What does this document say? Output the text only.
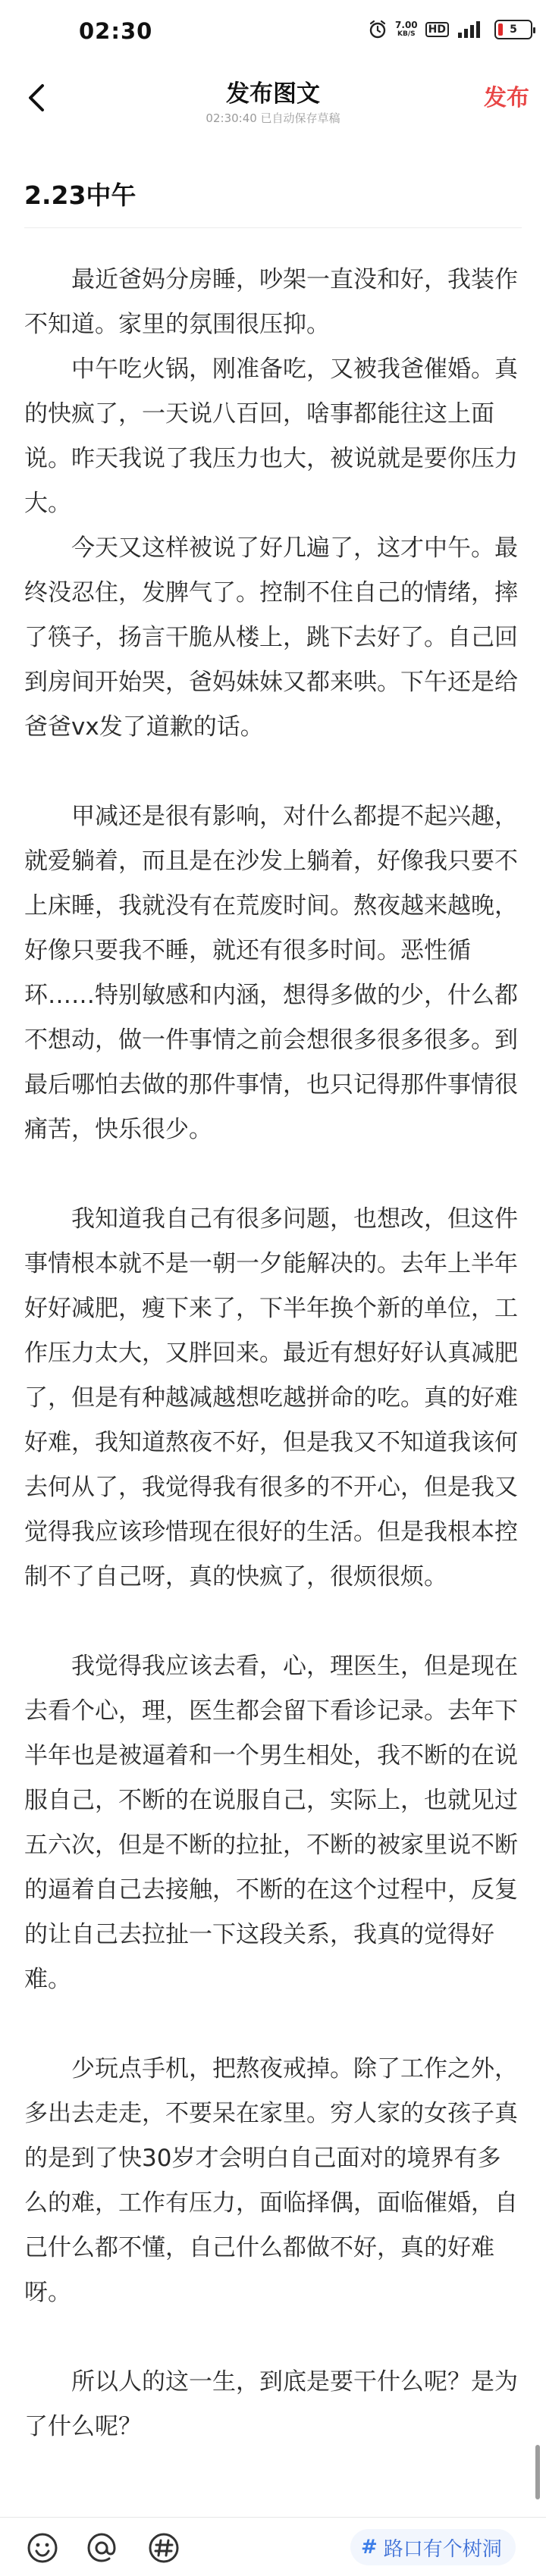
02:30	7.00
KB/S HD	5
发布图文
02:30:40 已自动保存草稿
发布
2.23中午

最近爸妈分房睡，吵架一直没和好，我装作不知道。家里的氛围很压抑。

中午吃火锅，刚准备吃，又被我爸催婚。真的快疯了，一天说八百回，啥事都能往这上面说。昨天我说了我压力也大，被说就是要你压力大。

今天又这样被说了好几遍了，这才中午。最终没忍住，发脾气了。控制不住自己的情绪，摔了筷子，扬言干脆从楼上，跳下去好了。自己回到房间开始哭，爸妈妹妹又都来哄。下午还是给爸爸vx发了道歉的话。

甲减还是很有影响，对什么都提不起兴趣，就爱躺着，而且是在沙发上躺着，好像我只要不上床睡，我就没有在荒废时间。熬夜越来越晚，好像只要我不睡，就还有很多时间。恶性循环……特别敏感和内涵，想得多做的少，什么都不想动，做一件事情之前会想很多很多很多。到最后哪怕去做的那件事情，也只记得那件事情很痛苦，快乐很少。

我知道我自己有很多问题，也想改，但这件事情根本就不是一朝一夕能解决的。去年上半年好好减肥，瘦下来了，下半年换个新的单位，工作压力太大，又胖回来。最近有想好好认真减肥了，但是有种越减越想吃越拼命的吃。真的好难好难，我知道熬夜不好，但是我又不知道我该何去何从了，我觉得我有很多的不开心，但是我又觉得我应该珍惜现在很好的生活。但是我根本控制不了自己呀，真的快疯了，很烦很烦。

我觉得我应该去看，心，理医生，但是现在去看个心，理，医生都会留下看诊记录。去年下半年也是被逼着和一个男生相处，我不断的在说服自己，不断的在说服自己，实际上，也就见过五六次，但是不断的拉扯，不断的被家里说不断的逼着自己去接触，不断的在这个过程中，反复的让自己去拉扯一下这段关系，我真的觉得好难。

少玩点手机，把熬夜戒掉。除了工作之外，多出去走走，不要呆在家里。穷人家的女孩子真的是到了快30岁才会明白自己面对的境界有多么的难，工作有压力，面临择偶，面临催婚，自己什么都不懂，自己什么都做不好，真的好难呀。

所以人的这一生，到底是要干什么呢？是为了什么呢？

# 路口有个树洞
